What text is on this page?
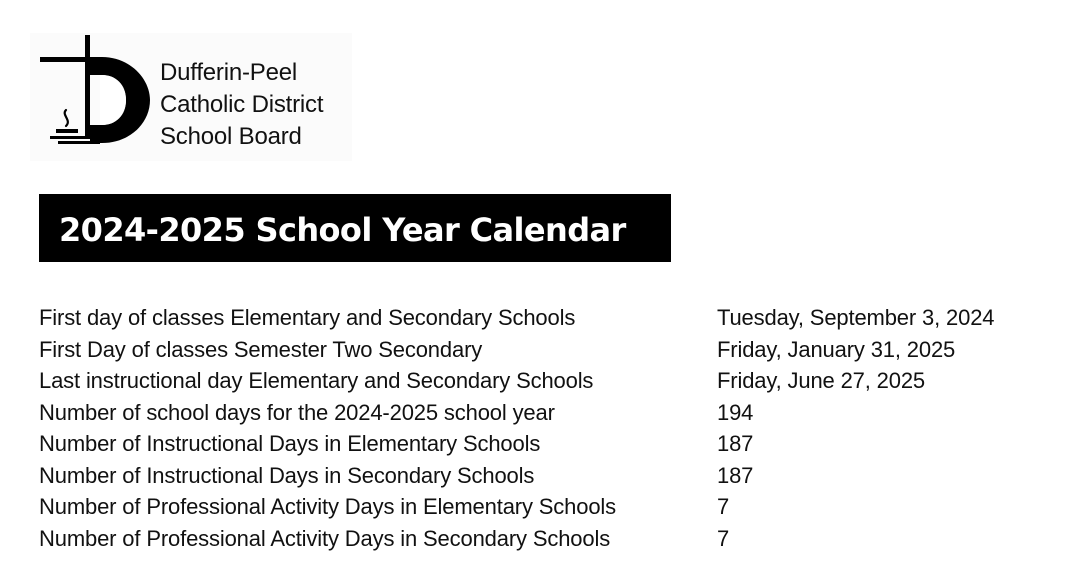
Dufferin-Peel
Catholic District
School Board
2024-2025 School Year Calendar
First day of classes Elementary and Secondary Schools	Tuesday, September 3, 2024
First Day of classes Semester Two Secondary	Friday, January 31, 2025
Last instructional day Elementary and Secondary Schools	Friday, June 27, 2025
Number of school days for the 2024-2025 school year	194
Number of Instructional Days in Elementary Schools	187
Number of Instructional Days in Secondary Schools	187
Number of Professional Activity Days in Elementary Schools	7
Number of Professional Activity Days in Secondary Schools	7
